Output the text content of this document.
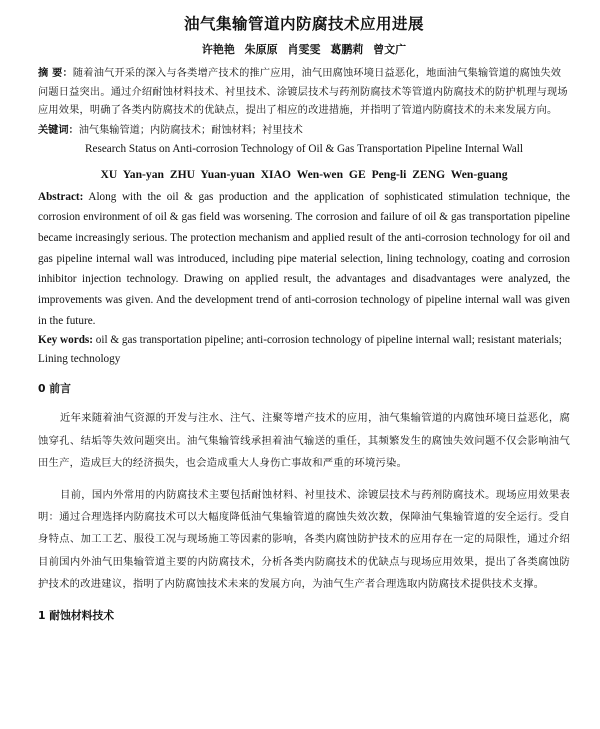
油气集输管道内防腐技术应用进展
许艳艳 朱原原 肖雯雯 葛鹏莉 曾文广
摘 要：随着油气开采的深入与各类增产技术的推广应用，油气田腐蚀环境日益恶化，地面油气集输管道的腐蚀失效问题日益突出。通过介绍耐蚀材料技术、衬里技术、涂镀层技术与药剂防腐技术等管道内防腐技术的防护机理与现场应用效果，明确了各类内防腐技术的优缺点，提出了相应的改进措施，并指明了管道内防腐技术的未来发展方向。
关键词：油气集输管道；内防腐技术；耐蚀材料；衬里技术
Research Status on Anti-corrosion Technology of Oil & Gas Transportation Pipeline Internal Wall
XU Yan-yan ZHU Yuan-yuan XIAO Wen-wen GE Peng-li ZENG Wen-guang
Abstract: Along with the oil & gas production and the application of sophisticated stimulation technique, the corrosion environment of oil & gas field was worsening. The corrosion and failure of oil & gas transportation pipeline became increasingly serious. The protection mechanism and applied result of the anti-corrosion technology for oil and gas pipeline internal wall was introduced, including pipe material selection, lining technology, coating and corrosion inhibitor injection technology. Drawing on applied result, the advantages and disadvantages were analyzed, the improvements was given. And the development trend of anti-corrosion technology of pipeline internal wall was given in the future.
Key words: oil & gas transportation pipeline; anti-corrosion technology of pipeline internal wall; resistant materials; Lining technology
0 前言
近年来随着油气资源的开发与注水、注气、注聚等增产技术的应用，油气集输管道的内腐蚀环境日益恶化，腐蚀穿孔、结垢等失效问题突出。油气集输管线承担着油气输送的重任，其频繁发生的腐蚀失效问题不仅会影响油气田生产，造成巨大的经济损失，也会造成重大人身伤亡事故和严重的环境污染。
目前，国内外常用的内防腐技术主要包括耐蚀材料、衬里技术、涂镀层技术与药剂防腐技术。现场应用效果表明：通过合理选择内防腐技术可以大幅度降低油气集输管道的腐蚀失效次数，保障油气集输管道的安全运行。受自身特点、加工工艺、服役工况与现场施工等因素的影响，各类内腐蚀防护技术的应用存在一定的局限性，通过介绍目前国内外油气田集输管道主要的内防腐技术，分析各类内防腐技术的优缺点与现场应用效果，提出了各类腐蚀防护技术的改进建议，指明了内防腐蚀技术未来的发展方向，为油气生产者合理选取内防腐技术提供技术支撑。
1 耐蚀材料技术
